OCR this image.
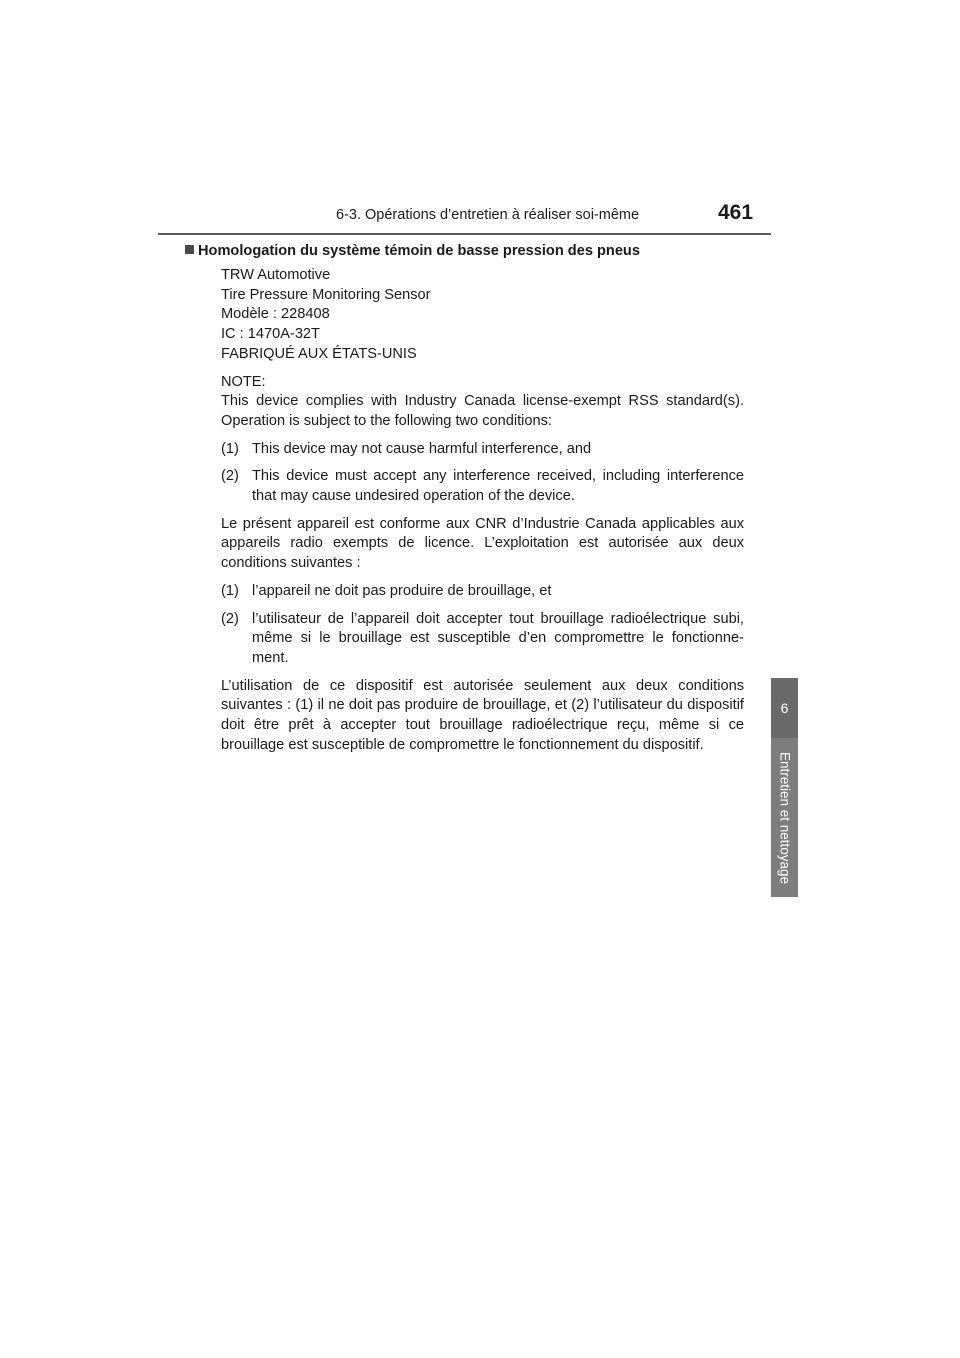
6-3. Opérations d’entretien à réaliser soi-même	461
6
Entretien et nettoyage
Homologation du système témoin de basse pression des pneus
TRW Automotive
Tire Pressure Monitoring Sensor
Modèle : 228408
IC : 1470A-32T
FABRIQUÉ AUX ÉTATS-UNIS
NOTE:
This device complies with Industry Canada license-exempt RSS standard(s). Operation is subject to the following two conditions:
(1) This device may not cause harmful interference, and
(2) This device must accept any interference received, including interference that may cause undesired operation of the device.
Le présent appareil est conforme aux CNR d’Industrie Canada applicables aux appareils radio exempts de licence. L’exploitation est autorisée aux deux conditions suivantes :
(1) l’appareil ne doit pas produire de brouillage, et
(2) l’utilisateur de l’appareil doit accepter tout brouillage radioélectrique subi, même si le brouillage est susceptible d’en compromettre le fonctionne-ment.
L’utilisation de ce dispositif est autorisée seulement aux deux conditions suivantes : (1) il ne doit pas produire de brouillage, et (2) l’utilisateur du dispositif doit être prêt à accepter tout brouillage radioélectrique reçu, même si ce brouillage est susceptible de compromettre le fonctionnement du dispositif.
